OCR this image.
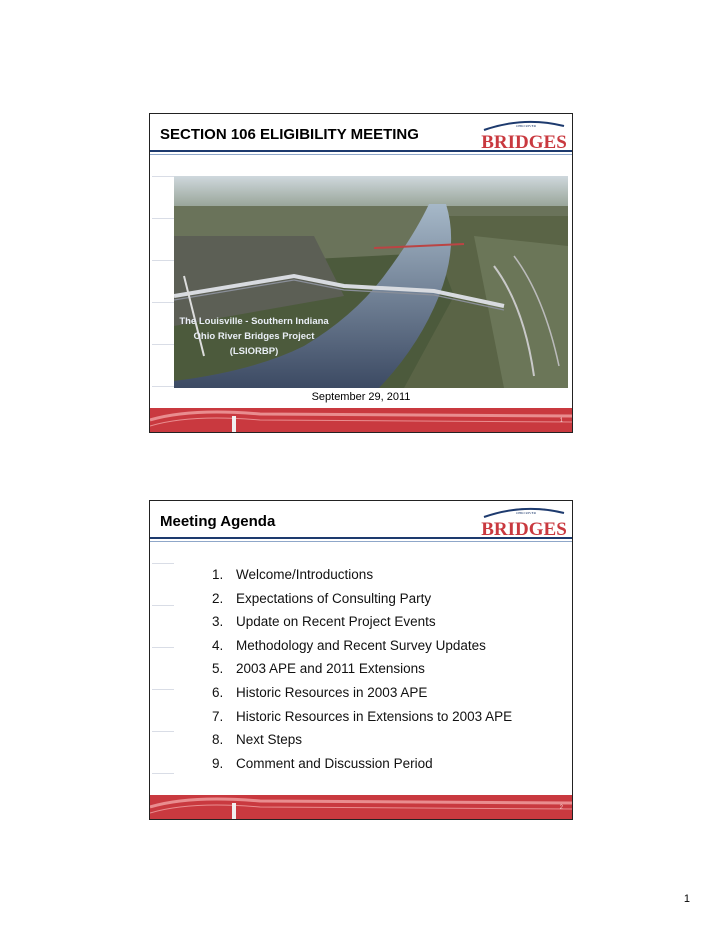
SECTION 106 ELIGIBILITY MEETING	OHIO RIVER
BRIDGES
The Louisville - Southern Indiana
Ohio River Bridges Project
(LSIORBP)
September 29, 2011
1
Meeting Agenda	OHIO RIVER
BRIDGES
1. Welcome/Introductions
2. Expectations of Consulting Party
3. Update on Recent Project Events
4. Methodology and Recent Survey Updates
5. 2003 APE and 2011 Extensions
6. Historic Resources in 2003 APE
7. Historic Resources in Extensions to 2003 APE
8. Next Steps
9. Comment and Discussion Period
2
1
